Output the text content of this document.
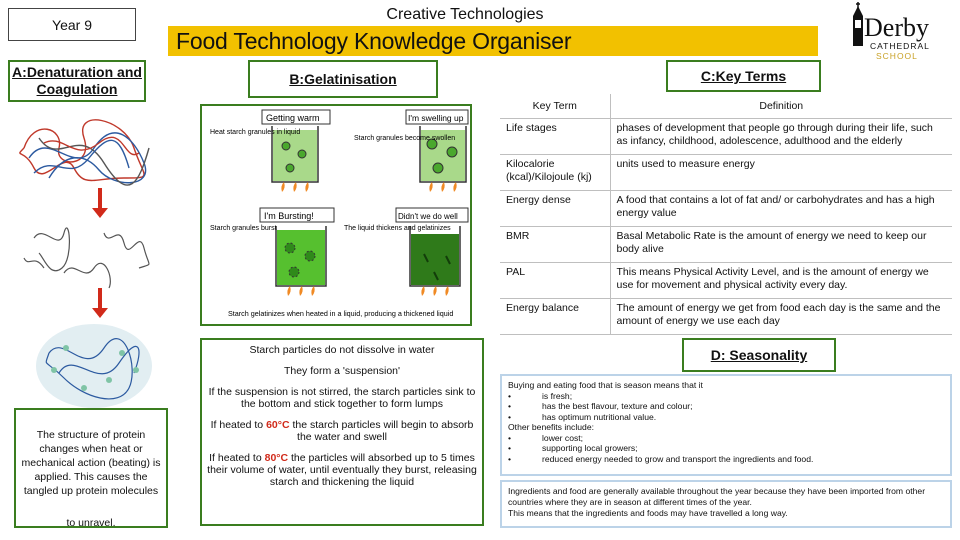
Year 9
Creative Technologies
Food Technology Knowledge Organiser	Derby
CATHEDRAL
SCHOOL
A:Denaturation and Coagulation
B:Gelatinisation	C:Key Terms
D: Seasonality
The structure of protein changes when heat or mechanical action (beating) is applied. This causes the tangled up protein molecules
to unravel.
Getting warm
Heat starch granules in liquid
I'm swelling up
Starch granules become swollen
I'm Bursting!
Starch granules burst
Didn't we do well
The liquid thickens and gelatinizes
Starch gelatinizes when heated in a liquid, producing a thickened liquid

Starch particles do not dissolve in water

They form a 'suspension'

If the suspension is not stirred, the starch particles sink to the bottom and stick together to form lumps

If heated to 60°C the starch particles will begin to absorb the water and swell

If heated to 80°C the particles will absorbed up to 5 times their volume of water, until eventually they burst, releasing starch and thickening the liquid

Key Term	Definition
Life stages	phases of development that people go through during their life, such as infancy, childhood, adolescence, adulthood and the elderly
Kilocalorie (kcal)/Kilojoule (kj)	units used to measure energy
Energy dense	A food that contains a lot of fat and/ or carbohydrates and has a high energy value
BMR	Basal Metabolic Rate is the amount of energy we need to keep our body alive
PAL	This means Physical Activity Level, and is the amount of energy we use for movement and physical activity every day.
Energy balance	The amount of energy we get from food each day is the same and the amount of energy we use each day
Buying and eating food that is season means that it
•	is fresh;
•	has the best flavour, texture and colour;
•	has optimum nutritional value.
Other benefits include:
•	lower cost;
•	supporting local growers;
•	reduced energy needed to grow and transport the ingredients and food.
Ingredients and food are generally available throughout the year because they have been imported from other countries where they are in season at different times of the year.
This means that the ingredients and foods may have travelled a long way.
